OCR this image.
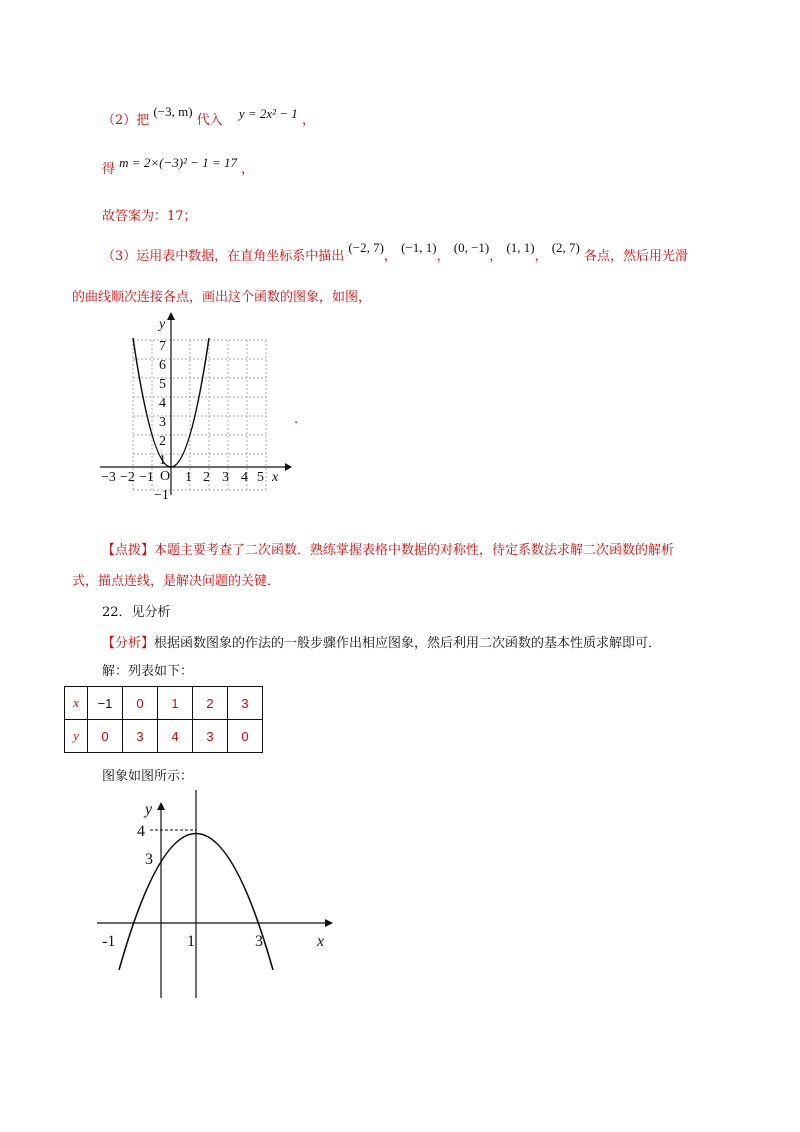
（2）把 (−3, m) 代入 y = 2x² − 1 ，
得 m = 2×(−3)² − 1 = 17 ，
故答案为：17；
（3）运用表中数据，在直角坐标系中描出 (−2, 7)， (−1, 1)， (0, −1)， (1, 1)， (2, 7) 各点，然后用光滑
的曲线顺次连接各点，画出这个函数的图象，如图，
y
x
O
7
6
5
4
3
2
1
−1
−3 −2 −1 1 2 3 4 5
.
【点拨】本题主要考查了二次函数．熟练掌握表格中数据的对称性，待定系数法求解二次函数的解析
式，描点连线，是解决问题的关键．
22．见分析
【分析】根据函数图象的作法的一般步骤作出相应图象，然后利用二次函数的基本性质求解即可．
解：列表如下：
x	−1	0	1	2	3
y	0	3	4	3	0
图象如图所示：
y
x
4
3
-1	1	3
